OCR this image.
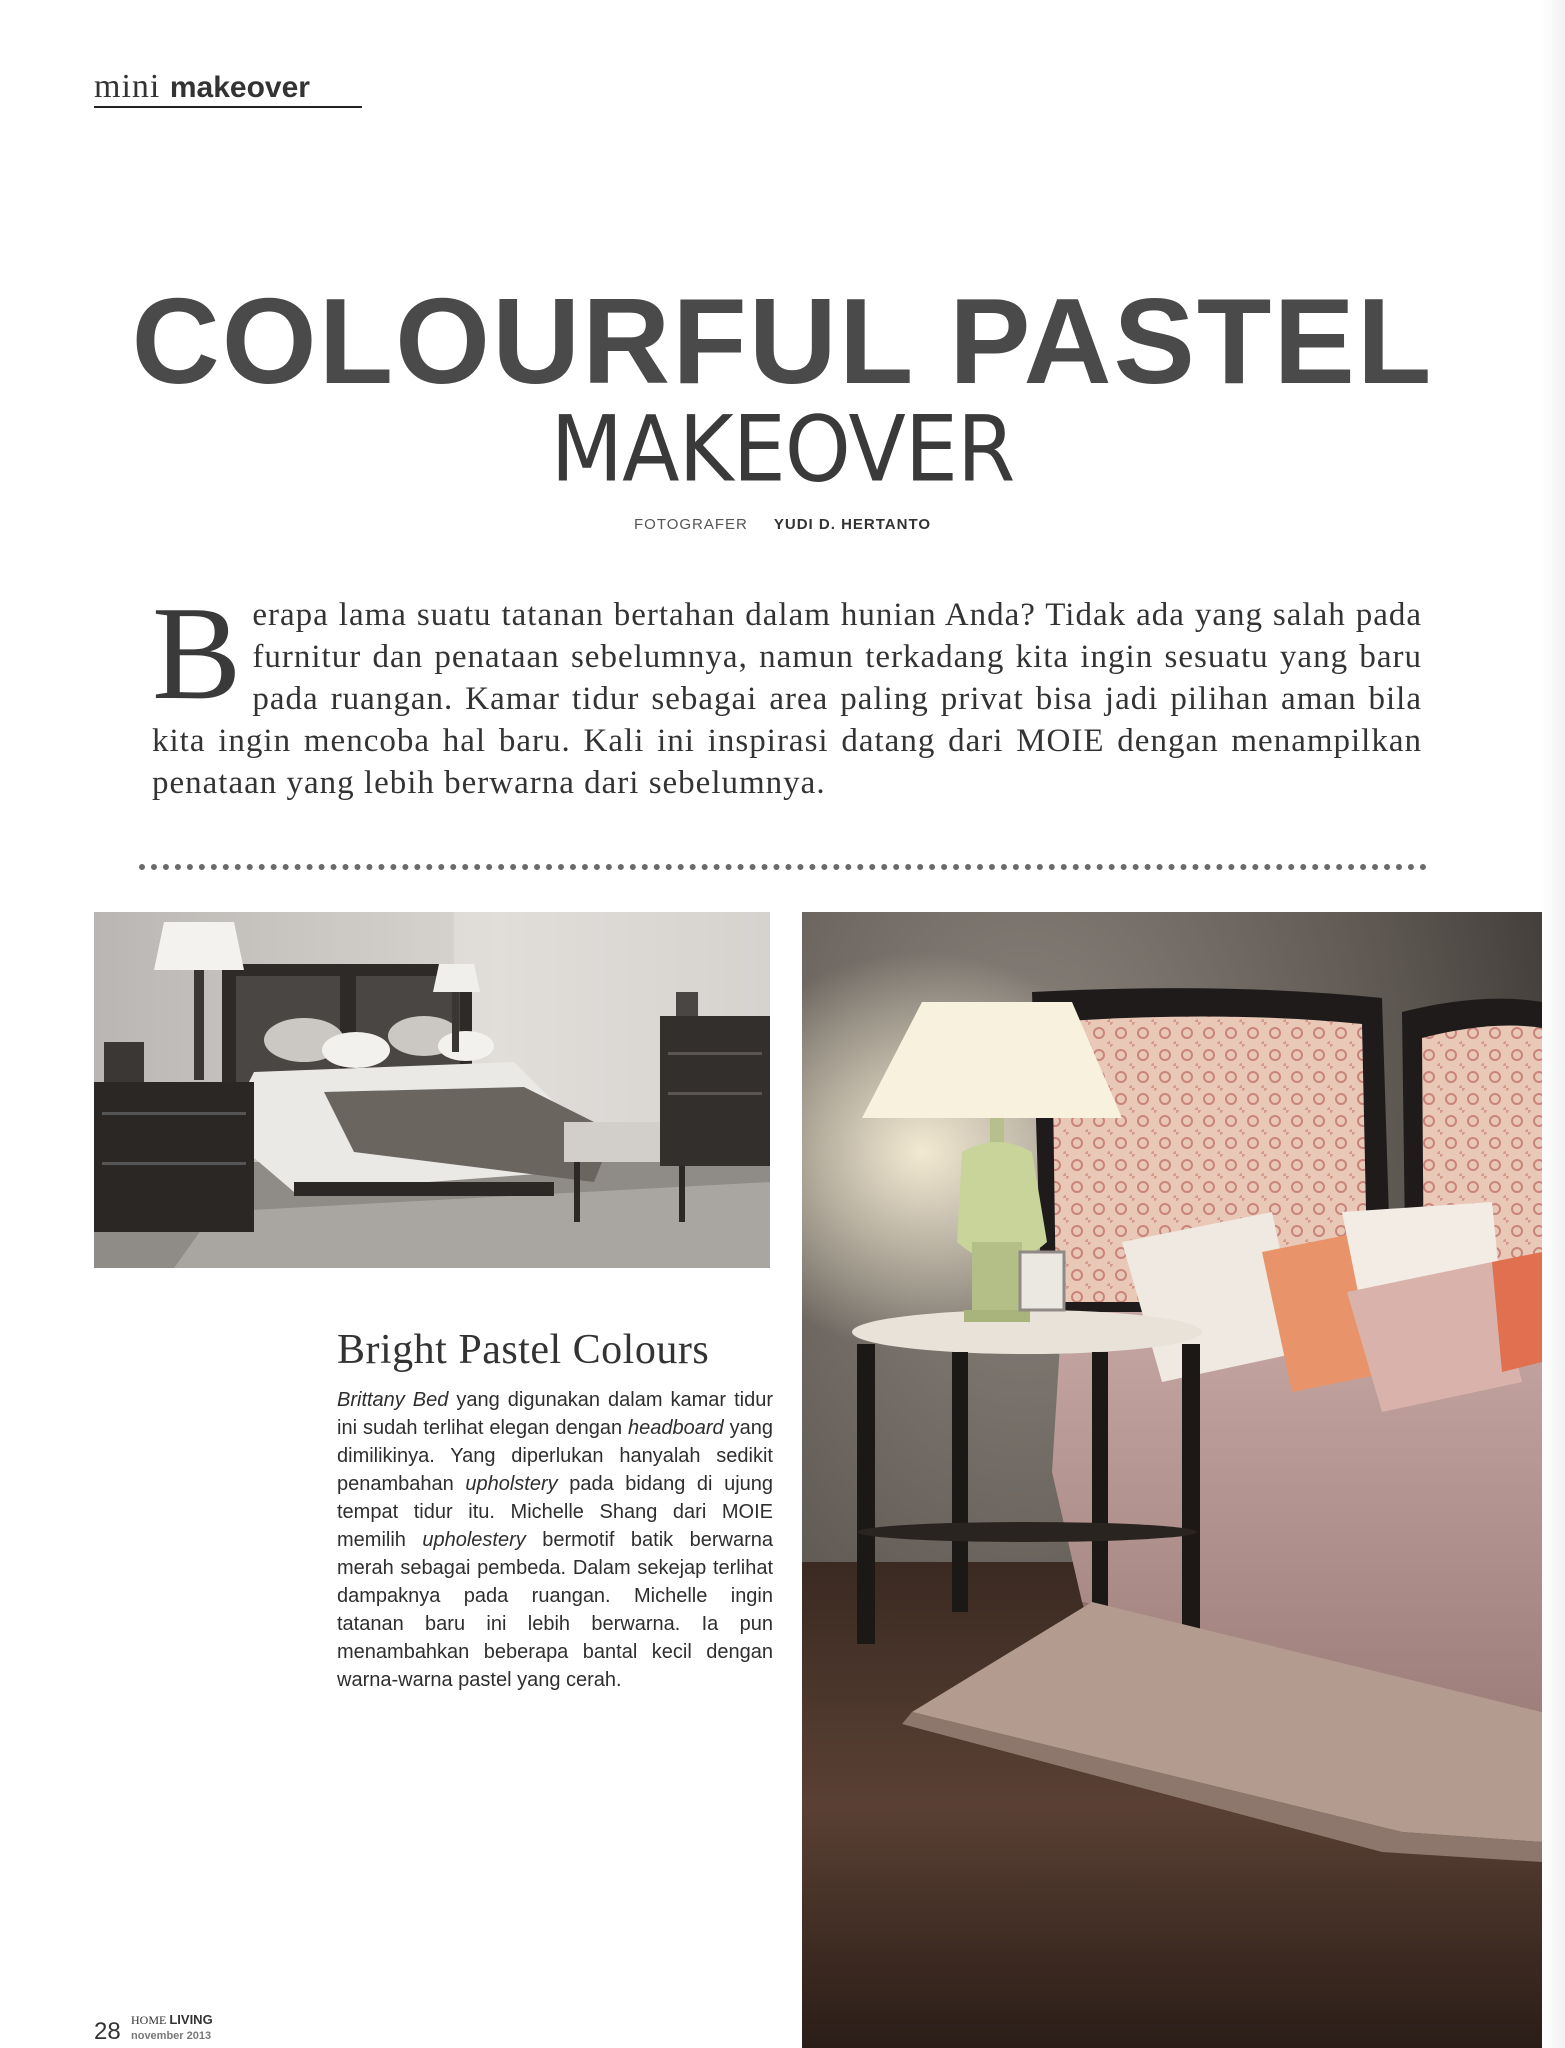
mini makeover
COLOURFUL PASTEL
MAKEOVER
FOTOGRAFER YUDI D. HERTANTO
Berapa lama suatu tatanan bertahan dalam hunian Anda? Tidak ada yang salah pada furnitur dan penataan sebelumnya, namun terkadang kita ingin sesuatu yang baru pada ruangan. Kamar tidur sebagai area paling privat bisa jadi pilihan aman bila kita ingin mencoba hal baru. Kali ini inspirasi datang dari MOIE dengan menampilkan penataan yang lebih berwarna dari sebelumnya.
Bright Pastel Colours
Brittany Bed yang digunakan dalam kamar tidur ini sudah terlihat elegan dengan headboard yang dimilikinya. Yang diperlukan hanyalah sedikit penambahan upholstery pada bidang di ujung tempat tidur itu. Michelle Shang dari MOIE memilih upholestery bermotif batik berwarna merah sebagai pembeda. Dalam sekejap terlihat dampaknya pada ruangan. Michelle ingin tatanan baru ini lebih berwarna. Ia pun menambahkan beberapa bantal kecil dengan warna-warna pastel yang cerah.
28 HOME LIVING
november 2013
